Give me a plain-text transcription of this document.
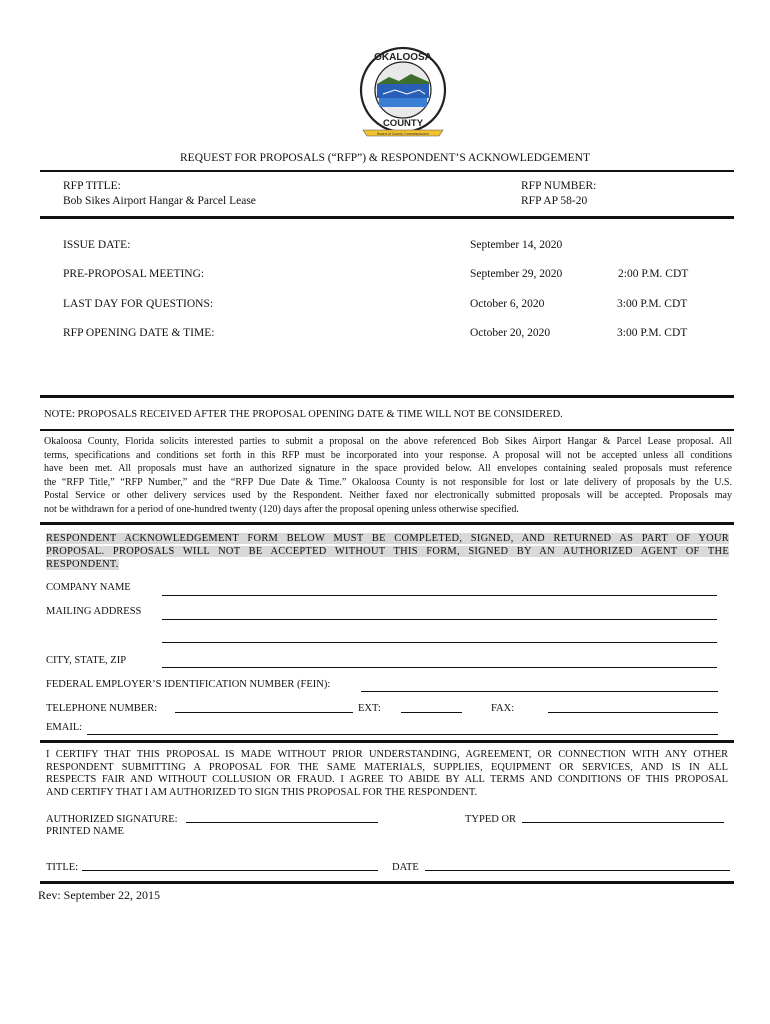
OKALOOSA
COUNTY
Board of County Commissioners
REQUEST FOR PROPOSALS (“RFP”) & RESPONDENT’S ACKNOWLEDGEMENT
RFP TITLE:
Bob Sikes Airport Hangar & Parcel Lease
RFP NUMBER:
RFP AP 58-20
ISSUE DATE:	September 14, 2020
PRE-PROPOSAL MEETING:	September 29, 2020	2:00 P.M. CDT
LAST DAY FOR QUESTIONS:	October 6, 2020	3:00 P.M. CDT
RFP OPENING DATE & TIME:	October 20, 2020	3:00 P.M. CDT
NOTE: PROPOSALS RECEIVED AFTER THE PROPOSAL OPENING DATE & TIME WILL NOT BE CONSIDERED.
Okaloosa County, Florida solicits interested parties to submit a proposal on the above referenced Bob Sikes Airport Hangar & Parcel Lease proposal. All
terms, specifications and conditions set forth in this RFP must be incorporated into your response. A proposal will not be accepted unless all conditions
have been met. All proposals must have an authorized signature in the space provided below. All envelopes containing sealed proposals must reference
the “RFP Title,” “RFP Number,” and the “RFP Due Date & Time.” Okaloosa County is not responsible for lost or late delivery of proposals by the U.S.
Postal Service or other delivery services used by the Respondent. Neither faxed nor electronically submitted proposals will be accepted. Proposals may
not be withdrawn for a period of one-hundred twenty (120) days after the proposal opening unless otherwise specified.
RESPONDENT ACKNOWLEDGEMENT FORM BELOW MUST BE COMPLETED, SIGNED, AND RETURNED AS PART OF YOUR
PROPOSAL. PROPOSALS WILL NOT BE ACCEPTED WITHOUT THIS FORM, SIGNED BY AN AUTHORIZED AGENT OF THE
RESPONDENT.
COMPANY NAME
MAILING ADDRESS
CITY, STATE, ZIP
FEDERAL EMPLOYER’S IDENTIFICATION NUMBER (FEIN):
TELEPHONE NUMBER:	EXT:	FAX:
EMAIL:
I CERTIFY THAT THIS PROPOSAL IS MADE WITHOUT PRIOR UNDERSTANDING, AGREEMENT, OR CONNECTION WITH ANY OTHER
RESPONDENT SUBMITTING A PROPOSAL FOR THE SAME MATERIALS, SUPPLIES, EQUIPMENT OR SERVICES, AND IS IN ALL
RESPECTS FAIR AND WITHOUT COLLUSION OR FRAUD. I AGREE TO ABIDE BY ALL TERMS AND CONDITIONS OF THIS PROPOSAL
AND CERTIFY THAT I AM AUTHORIZED TO SIGN THIS PROPOSAL FOR THE RESPONDENT.
AUTHORIZED SIGNATURE:
PRINTED NAME
TYPED OR
TITLE:	DATE
Rev: September 22, 2015
